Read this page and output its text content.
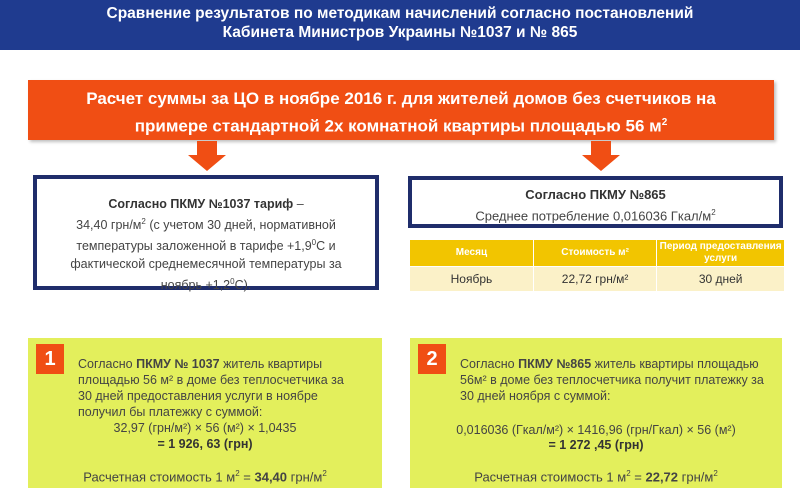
Сравнение результатов по методикам начислений согласно постановлений
Кабинета Министров Украины №1037 и № 865
Расчет суммы за ЦО в ноябре 2016 г. для жителей домов без счетчиков на
примере стандартной 2х комнатной квартиры площадью 56 $м^2$
Согласно ПКМУ №1037 тариф –
34,40 грн/$м^2$ (с учетом 30 дней, нормативной
температуры заложенной в тарифе $+1,9^0С$ и
фактической среднемесячной температуры за
ноябрь $+1,2^0С$).
Согласно ПКМУ №865
Среднее потребление 0,016036 Гкал/$м^2$
Месяц	Стоимость м²	Период предоставления услуги
Ноябрь	22,72 грн/м²	30 дней
1	Согласно ПКМУ № 1037 житель квартиры

площадью 56 м² в доме без теплосчетчика за

30 дней предоставления услуги в ноябре

получил бы платежку с суммой:

32,97 (грн/м²) × 56 (м²) × 1,0435
= 1 926, 63 (грн)
Расчетная стоимость 1 $м^2 = 34,40$ грн/$м^2$
2	Согласно ПКМУ №865 житель квартиры площадью

56м² в доме без теплосчетчика получит платежку за

30 дней ноября с суммой:

0,016036 (Гкал/м²) × 1416,96 (грн/Гкал) × 56 (м²)
= 1 272 ,45 (грн)
Расчетная стоимость 1 $м^2 = 22,72$ грн/$м^2$
